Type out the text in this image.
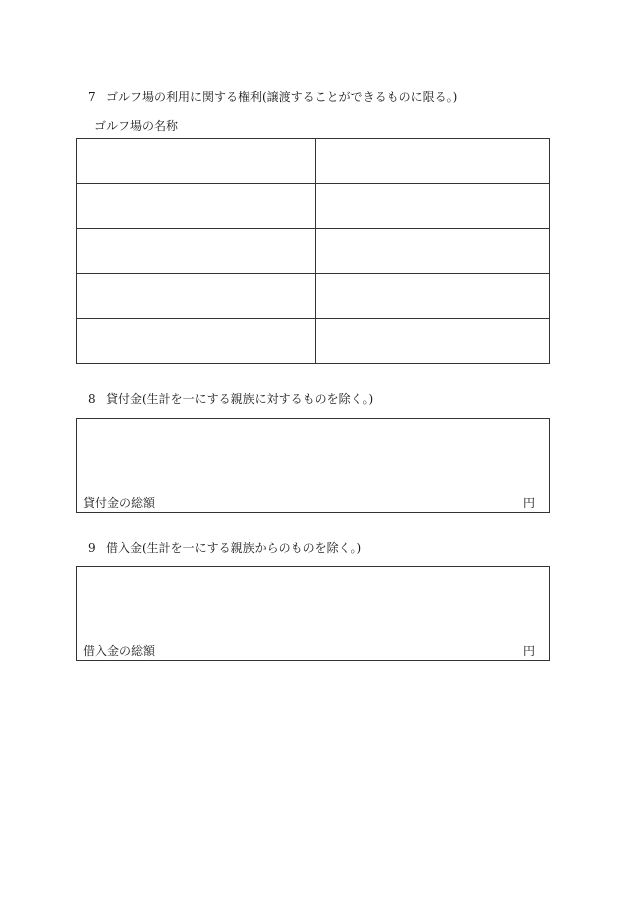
7 ゴルフ場の利用に関する権利(譲渡することができるものに限る。)
ゴルフ場の名称
8 貸付金(生計を一にする親族に対するものを除く。)
貸付金の総額	円
9 借入金(生計を一にする親族からのものを除く。)
借入金の総額	円
